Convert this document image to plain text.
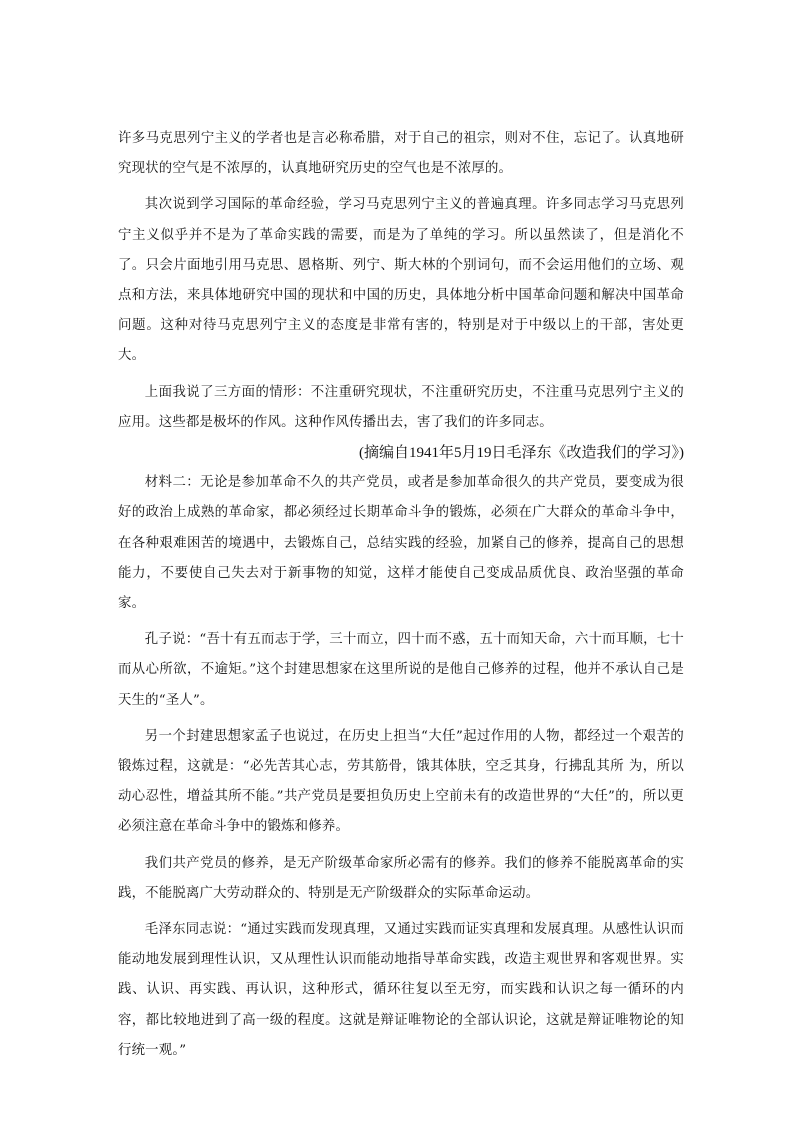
许多马克思列宁主义的学者也是言必称希腊，对于自己的祖宗，则对不住，忘记了。认真地研究现状的空气是不浓厚的，认真地研究历史的空气也是不浓厚的。

其次说到学习国际的革命经验，学习马克思列宁主义的普遍真理。许多同志学习马克思列宁主义似乎并不是为了革命实践的需要，而是为了单纯的学习。所以虽然读了，但是消化不了。只会片面地引用马克思、恩格斯、列宁、斯大林的个别词句，而不会运用他们的立场、观点和方法，来具体地研究中国的现状和中国的历史，具体地分析中国革命问题和解决中国革命问题。这种对待马克思列宁主义的态度是非常有害的，特别是对于中级以上的干部，害处更大。

上面我说了三方面的情形：不注重研究现状，不注重研究历史，不注重马克思列宁主义的应用。这些都是极坏的作风。这种作风传播出去，害了我们的许多同志。

(摘编自1941年5月19日毛泽东《改造我们的学习》)

材料二：无论是参加革命不久的共产党员，或者是参加革命很久的共产党员，要变成为很好的政治上成熟的革命家，都必须经过长期革命斗争的锻炼，必须在广大群众的革命斗争中，在各种艰难困苦的境遇中，去锻炼自己，总结实践的经验，加紧自己的修养，提高自己的思想能力，不要使自己失去对于新事物的知觉，这样才能使自己变成品质优良、政治坚强的革命家。

孔子说：“吾十有五而志于学，三十而立，四十而不惑，五十而知天命，六十而耳顺，七十而从心所欲，不逾矩。”这个封建思想家在这里所说的是他自己修养的过程，他并不承认自己是天生的“圣人”。

另一个封建思想家孟子也说过，在历史上担当“大任”起过作用的人物，都经过一个艰苦的锻炼过程，这就是：“必先苦其心志，劳其筋骨，饿其体肤，空乏其身，行拂乱其所 为，所以动心忍性，增益其所不能。”共产党员是要担负历史上空前未有的改造世界的“大任”的，所以更必须注意在革命斗争中的锻炼和修养。

我们共产党员的修养，是无产阶级革命家所必需有的修养。我们的修养不能脱离革命的实践，不能脱离广大劳动群众的、特别是无产阶级群众的实际革命运动。

毛泽东同志说：“通过实践而发现真理，又通过实践而证实真理和发展真理。从感性认识而能动地发展到理性认识，又从理性认识而能动地指导革命实践，改造主观世界和客观世界。实践、认识、再实践、再认识，这种形式，循环往复以至无穷，而实践和认识之每一循环的内容，都比较地进到了高一级的程度。这就是辩证唯物论的全部认识论，这就是辩证唯物论的知行统一观。”
